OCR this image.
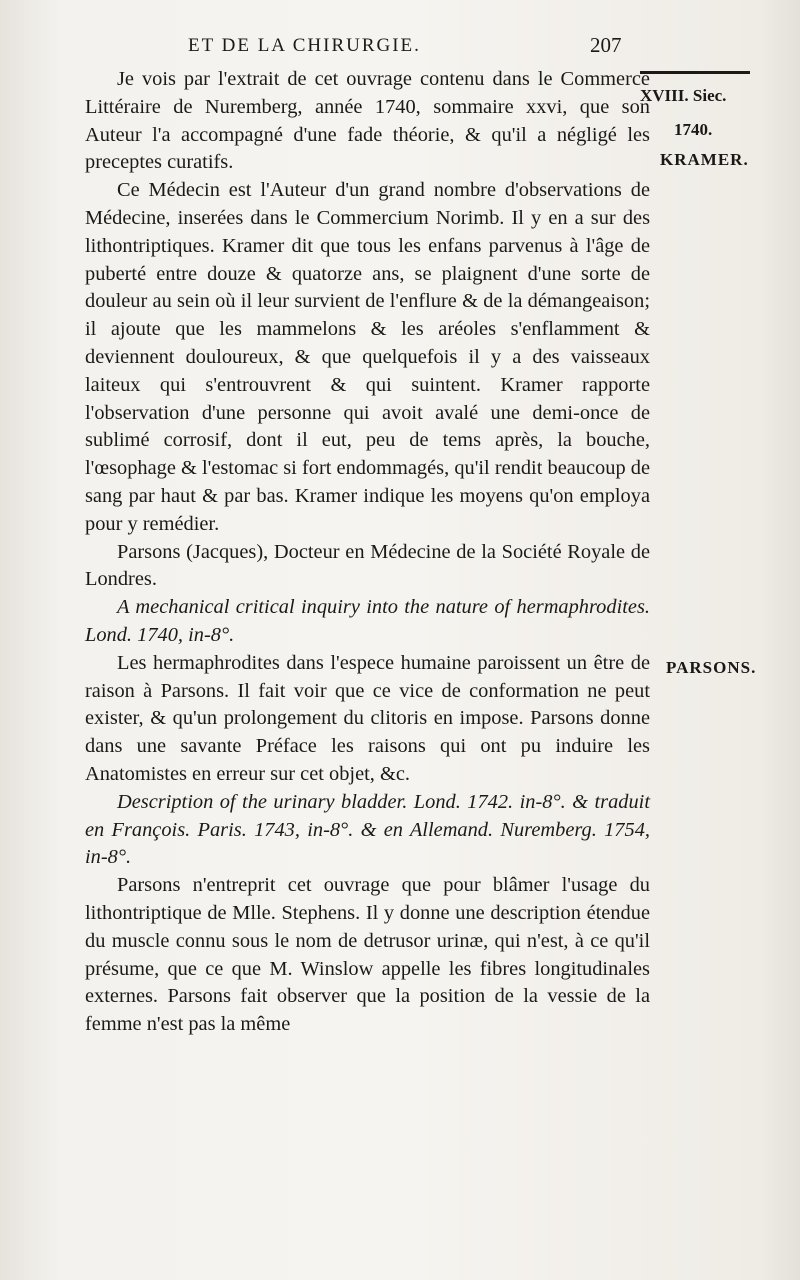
ET DE LA CHIRURGIE.	207
XVIII. Siec.
1740.
KRAMER.
PARSONS.

Je vois par l'extrait de cet ouvrage contenu dans le Commerce Littéraire de Nuremberg, année 1740, sommaire xxvi, que son Auteur l'a accompagné d'une fade théorie, & qu'il a négligé les preceptes curatifs.

Ce Médecin est l'Auteur d'un grand nombre d'observations de Médecine, inserées dans le Commercium Norimb. Il y en a sur des lithontriptiques. Kramer dit que tous les enfans parvenus à l'âge de puberté entre douze & quatorze ans, se plaignent d'une sorte de douleur au sein où il leur survient de l'enflure & de la démangeaison; il ajoute que les mammelons & les aréoles s'enflamment & deviennent douloureux, & que quelquefois il y a des vaisseaux laiteux qui s'entrouvrent & qui suintent. Kramer rapporte l'observation d'une personne qui avoit avalé une demi-once de sublimé corrosif, dont il eut, peu de tems après, la bouche, l'œsophage & l'estomac si fort endommagés, qu'il rendit beaucoup de sang par haut & par bas. Kramer indique les moyens qu'on employa pour y remédier.

Parsons (Jacques), Docteur en Médecine de la Société Royale de Londres.

A mechanical critical inquiry into the nature of hermaphrodites. Lond. 1740, in-8°.

Les hermaphrodites dans l'espece humaine paroissent un être de raison à Parsons. Il fait voir que ce vice de conformation ne peut exister, & qu'un prolongement du clitoris en impose. Parsons donne dans une savante Préface les raisons qui ont pu induire les Anatomistes en erreur sur cet objet, &c.

Description of the urinary bladder. Lond. 1742. in-8°. & traduit en François. Paris. 1743, in-8°. & en Allemand. Nuremberg. 1754, in-8°.

Parsons n'entreprit cet ouvrage que pour blâmer l'usage du lithontriptique de Mlle. Stephens. Il y donne une description étendue du muscle connu sous le nom de detrusor urinæ, qui n'est, à ce qu'il présume, que ce que M. Winslow appelle les fibres longitudinales externes. Parsons fait observer que la position de la vessie de la femme n'est pas la même
